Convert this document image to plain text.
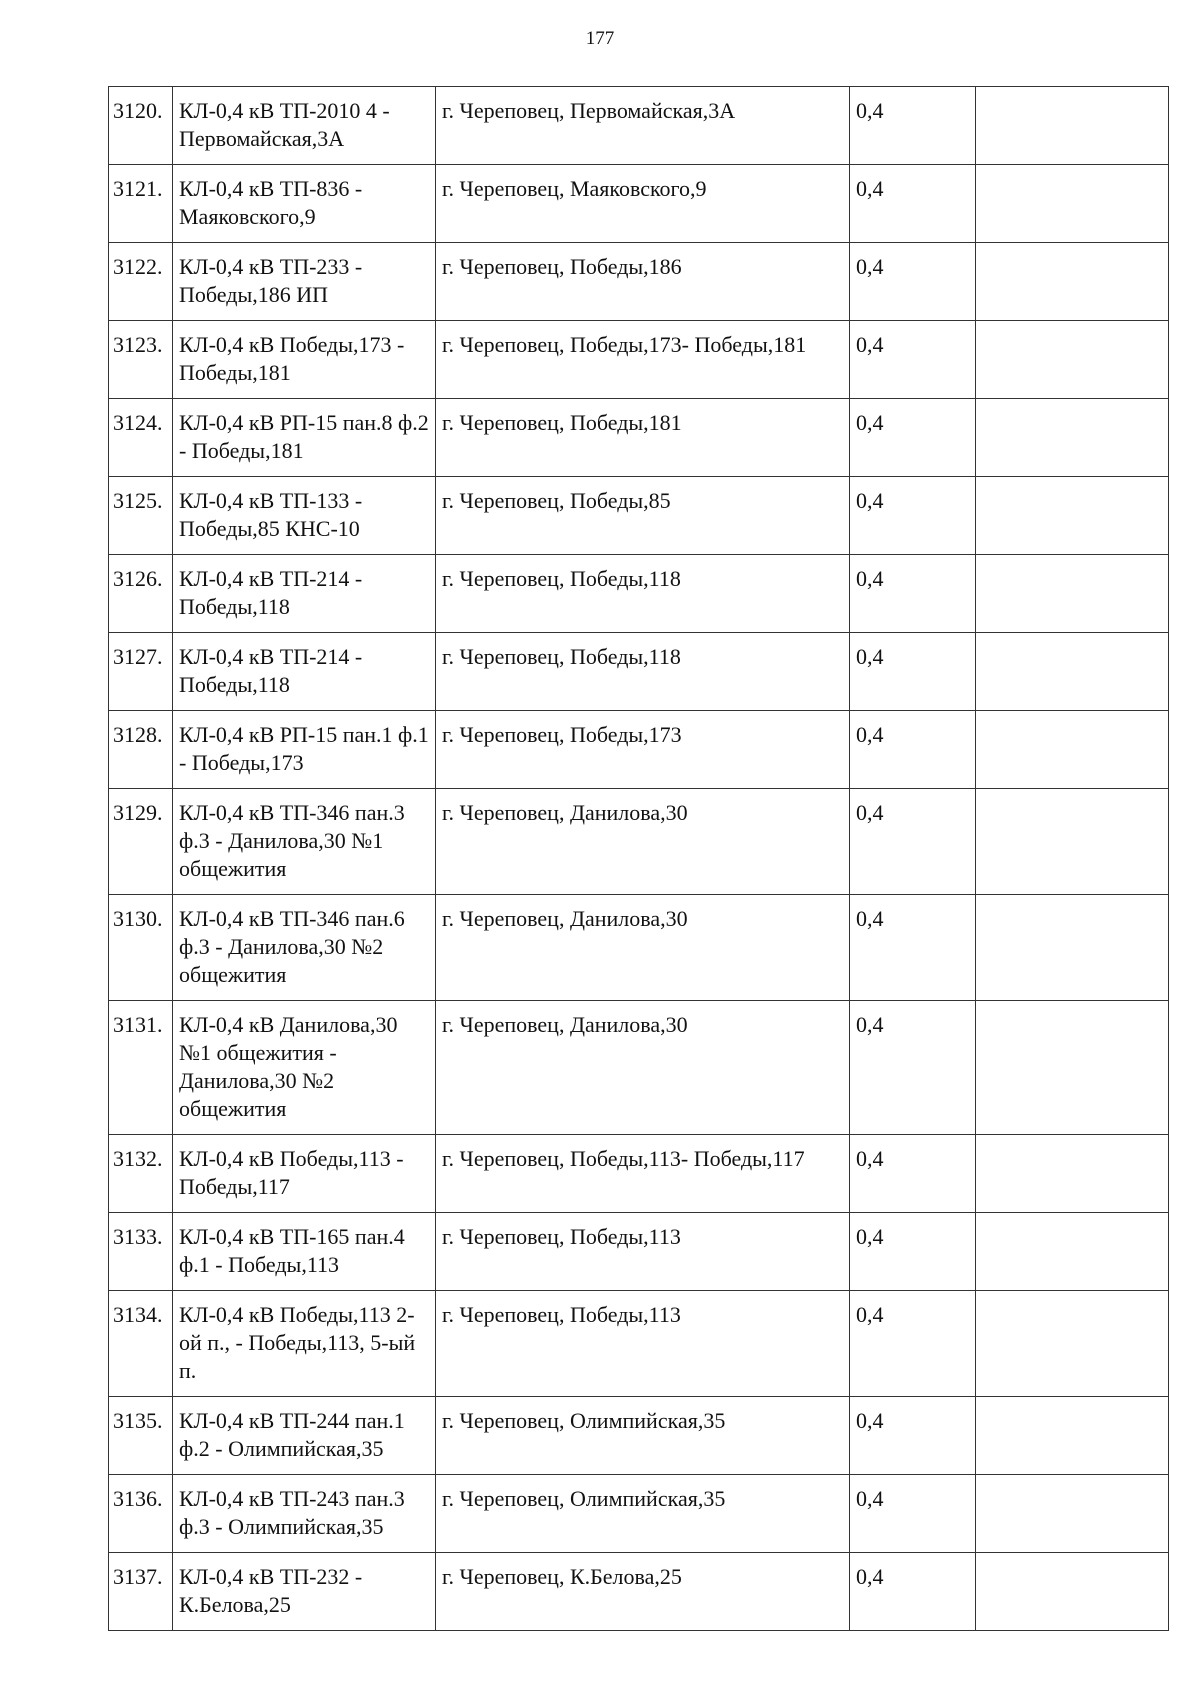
177
3120.	КЛ-0,4 кВ ТП-2010 4 - Первомайская,3А	г. Череповец, Первомайская,3А	0,4	
3121.	КЛ-0,4 кВ ТП-836 - Маяковского,9	г. Череповец, Маяковского,9	0,4	
3122.	КЛ-0,4 кВ ТП-233 - Победы,186 ИП	г. Череповец, Победы,186	0,4	
3123.	КЛ-0,4 кВ Победы,173 - Победы,181	г. Череповец, Победы,173- Победы,181	0,4	
3124.	КЛ-0,4 кВ РП-15 пан.8 ф.2 - Победы,181	г. Череповец, Победы,181	0,4	
3125.	КЛ-0,4 кВ ТП-133 - Победы,85 КНС-10	г. Череповец, Победы,85	0,4	
3126.	КЛ-0,4 кВ ТП-214 - Победы,118	г. Череповец, Победы,118	0,4	
3127.	КЛ-0,4 кВ ТП-214 - Победы,118	г. Череповец, Победы,118	0,4	
3128.	КЛ-0,4 кВ РП-15 пан.1 ф.1 - Победы,173	г. Череповец, Победы,173	0,4	
3129.	КЛ-0,4 кВ ТП-346 пан.3 ф.3 - Данилова,30 №1 общежития	г. Череповец, Данилова,30	0,4	
3130.	КЛ-0,4 кВ ТП-346 пан.6 ф.3 - Данилова,30 №2 общежития	г. Череповец, Данилова,30	0,4	
3131.	КЛ-0,4 кВ Данилова,30 №1 общежития - Данилова,30 №2 общежития	г. Череповец, Данилова,30	0,4	
3132.	КЛ-0,4 кВ Победы,113 - Победы,117	г. Череповец, Победы,113- Победы,117	0,4	
3133.	КЛ-0,4 кВ ТП-165 пан.4 ф.1 - Победы,113	г. Череповец, Победы,113	0,4	
3134.	КЛ-0,4 кВ Победы,113 2-ой п., - Победы,113, 5-ый п.	г. Череповец, Победы,113	0,4	
3135.	КЛ-0,4 кВ ТП-244 пан.1 ф.2 - Олимпийская,35	г. Череповец, Олимпийская,35	0,4	
3136.	КЛ-0,4 кВ ТП-243 пан.3 ф.3 - Олимпийская,35	г. Череповец, Олимпийская,35	0,4	
3137.	КЛ-0,4 кВ ТП-232 - К.Белова,25	г. Череповец, К.Белова,25	0,4	
